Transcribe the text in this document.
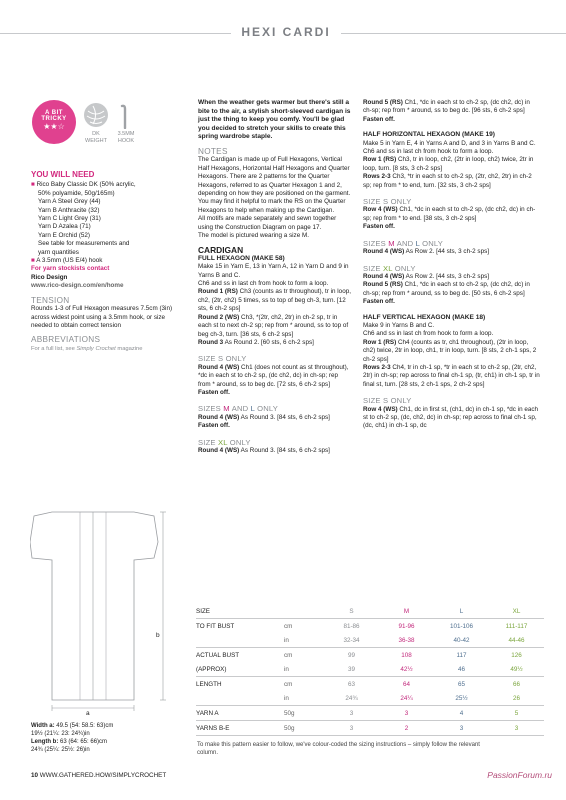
HEXI CARDI
A BIT
TRICKY
★★☆
DK
WEIGHT
3.5MM
HOOK
YOU WILL NEED
■ Rico Baby Classic DK (50% acrylic,
50% polyamide, 50g/165m)
Yarn A Steel Grey (44)
Yarn B Anthracite (32)
Yarn C Light Grey (31)
Yarn D Azalea (71)
Yarn E Orchid (52)
See table for measurements and
yarn quantities
■ A 3.5mm (US E/4) hook
For yarn stockists contact
Rico Design
www.rico-design.com/en/home
TENSION
Rounds 1-3 of Full Hexagon measures 7.5cm (3in) across widest point using a 3.5mm hook, or size needed to obtain correct tension
ABBREVIATIONS
For a full list, see Simply Crochet magazine
a
b
Width a: 49.5 (54: 58.5: 63)cm
19½ (21¼: 23: 24¾)in
Length b: 63 (64: 65: 66)cm
24¾ (25¼: 25½: 26)in
When the weather gets warmer but there's still a bite to the air, a stylish short-sleeved cardigan is just the thing to keep you comfy. You'll be glad you decided to stretch your skills to create this spring wardrobe staple.
NOTES
The Cardigan is made up of Full Hexagons, Vertical Half Hexagons, Horizontal Half Hexagons and Quarter Hexagons. There are 2 patterns for the Quarter Hexagons, referred to as Quarter Hexagon 1 and 2, depending on how they are positioned on the garment. You may find it helpful to mark the RS on the Quarter Hexagons to help when making up the Cardigan.
All motifs are made separately and sewn together using the Construction Diagram on page 17.
The model is pictured wearing a size M.
CARDIGAN
FULL HEXAGON (MAKE 58)
Make 15 in Yarn E, 13 in Yarn A, 12 in Yarn D and 9 in Yarns B and C.
Ch6 and ss in last ch from hook to form a loop.
Round 1 (RS) Ch3 (counts as tr throughout), tr in loop, ch2, (2tr, ch2) 5 times, ss to top of beg ch-3, turn. [12 sts, 6 ch-2 sps]
Round 2 (WS) Ch3, *(2tr, ch2, 2tr) in ch-2 sp, tr in each st to next ch-2 sp; rep from * around, ss to top of beg ch-3, turn. [36 sts, 6 ch-2 sps]
Round 3 As Round 2. [60 sts, 6 ch-2 sps]
SIZE S ONLY
Round 4 (WS) Ch1 (does not count as st throughout), *dc in each st to ch-2 sp, (dc ch2, dc) in ch-sp; rep from * around, ss to beg dc. [72 sts, 6 ch-2 sps]
Fasten off.
SIZES M AND L ONLY
Round 4 (WS) As Round 3. [84 sts, 6 ch-2 sps]
Fasten off.
SIZE XL ONLY
Round 4 (WS) As Round 3. [84 sts, 6 ch-2 sps]
Round 5 (RS) Ch1, *dc in each st to ch-2 sp, (dc ch2, dc) in ch-sp; rep from * around, ss to beg dc. [96 sts, 6 ch-2 sps]
Fasten off.
HALF HORIZONTAL HEXAGON (MAKE 19)
Make 5 in Yarn E, 4 in Yarns A and D, and 3 in Yarns B and C.
Ch6 and ss in last ch from hook to form a loop.
Row 1 (RS) Ch3, tr in loop, ch2, (2tr in loop, ch2) twice, 2tr in loop, turn. [8 sts, 3 ch-2 sps]
Rows 2-3 Ch3, *tr in each st to ch-2 sp, (2tr, ch2, 2tr) in ch-2 sp; rep from * to end, turn. [32 sts, 3 ch-2 sps]
SIZE S ONLY
Row 4 (WS) Ch1, *dc in each st to ch-2 sp, (dc ch2, dc) in ch-sp; rep from * to end. [38 sts, 3 ch-2 sps]
Fasten off.
SIZES M AND L ONLY
Round 4 (WS) As Row 2. [44 sts, 3 ch-2 sps]
SIZE XL ONLY
Round 4 (WS) As Row 2. [44 sts, 3 ch-2 sps]
Round 5 (RS) Ch1, *dc in each st to ch-2 sp, (dc ch2, dc) in ch-sp; rep from * around, ss to beg dc. [50 sts, 6 ch-2 sps]
Fasten off.
HALF VERTICAL HEXAGON (MAKE 18)
Make 9 in Yarns B and C.
Ch6 and ss in last ch from hook to form a loop.
Row 1 (RS) Ch4 (counts as tr, ch1 throughout), (2tr in loop, ch2) twice, 2tr in loop, ch1, tr in loop, turn. [8 sts, 2 ch-1 sps, 2 ch-2 sps]
Rows 2-3 Ch4, tr in ch-1 sp, *tr in each st to ch-2 sp, (2tr, ch2, 2tr) in ch-sp; rep across to final ch-1 sp, (tr, ch1) in ch-1 sp, tr in final st, turn. [28 sts, 2 ch-1 sps, 2 ch-2 sps]
SIZE S ONLY
Row 4 (WS) Ch1, dc in first st, (ch1, dc) in ch-1 sp, *dc in each st to ch-2 sp, (dc, ch2, dc) in ch-sp; rep across to final ch-1 sp, (dc, ch1) in ch-1 sp, dc
SIZE		S	M	L	XL
TO FIT BUST	cm	81-86	91-96	101-106	111-117
	in	32-34	36-38	40-42	44-46
ACTUAL BUST	cm	99	108	117	126
(APPROX)	in	39	42½	46	49½
LENGTH	cm	63	64	65	66
	in	24¾	24¼	25½	26
YARN A	50g	3	3	4	5
YARNS B-E	50g	3	2	3	3
To make this pattern easier to follow, we've colour-coded the sizing instructions – simply follow the relevant column.
10 WWW.GATHERED.HOW/SIMPLYCROCHET	PassionForum.ru
